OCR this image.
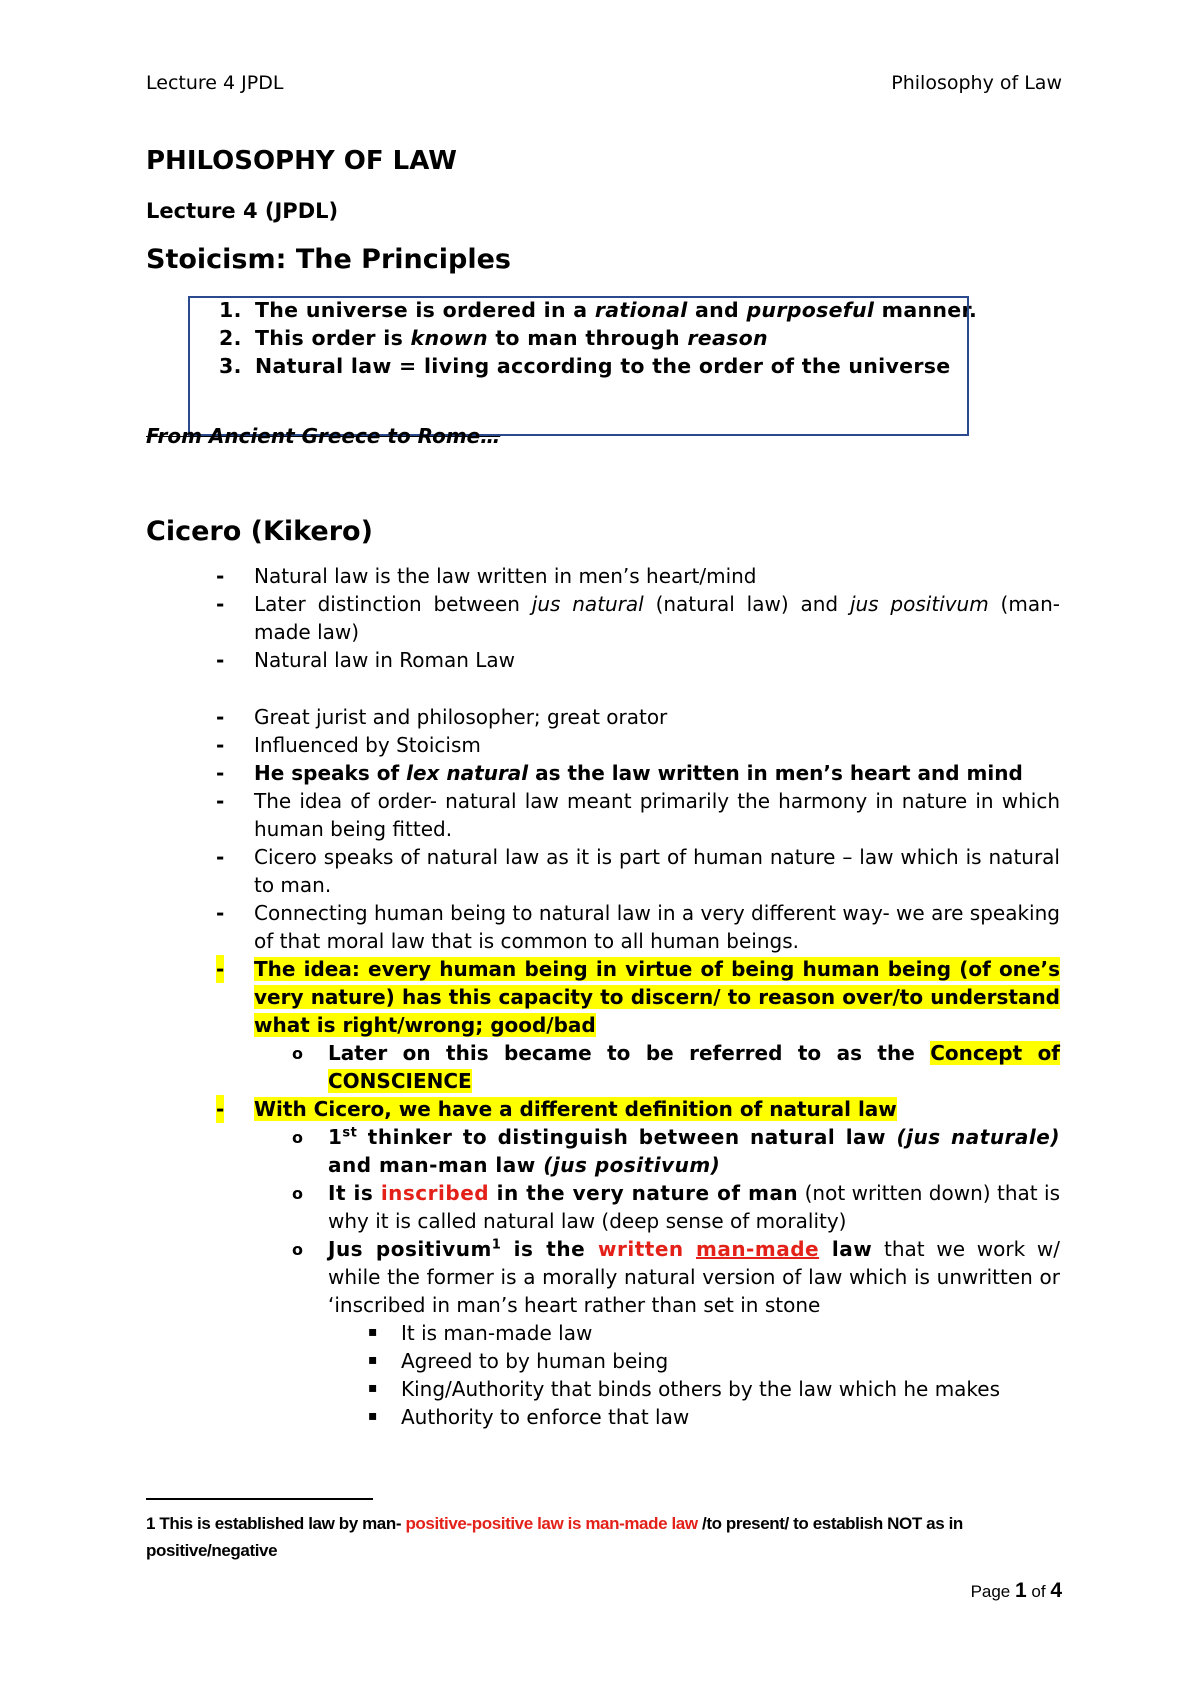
Lecture 4 JPDL	Philosophy of Law
PHILOSOPHY OF LAW
Lecture 4 (JPDL)
Stoicism: The Principles
1. The universe is ordered in a rational and purposeful manner.
2. This order is known to man through reason
3. Natural law = living according to the order of the universe
From Ancient Greece to Rome…
Cicero (Kikero)
- Natural law is the law written in men’s heart/mind
- Later distinction between jus natural (natural law) and jus positivum (man-made law)
- Natural law in Roman Law
- Great jurist and philosopher; great orator
- Influenced by Stoicism
- He speaks of lex natural as the law written in men’s heart and mind
- The idea of order- natural law meant primarily the harmony in nature in which human being fitted.
- Cicero speaks of natural law as it is part of human nature – law which is natural to man.
- Connecting human being to natural law in a very different way- we are speaking of that moral law that is common to all human beings.
- The idea: every human being in virtue of being human being (of one’s very nature) has this capacity to discern/ to reason over/to understand what is right/wrong; good/bad
o Later on this became to be referred to as the Concept of CONSCIENCE
- With Cicero, we have a different definition of natural law
o 1st thinker to distinguish between natural law (jus naturale) and man-man law (jus positivum)
o It is inscribed in the very nature of man (not written down) that is why it is called natural law (deep sense of morality)
o Jus positivum$^1$ is the written man-made law that we work w/ while the former is a morally natural version of law which is unwritten or ‘inscribed in man’s heart rather than set in stone
▪ It is man-made law
▪ Agreed to by human being
▪ King/Authority that binds others by the law which he makes
▪ Authority to enforce that law
1 This is established law by man- positive-positive law is man-made law /to present/ to establish NOT as in positive/negative
Page 1 of 4
